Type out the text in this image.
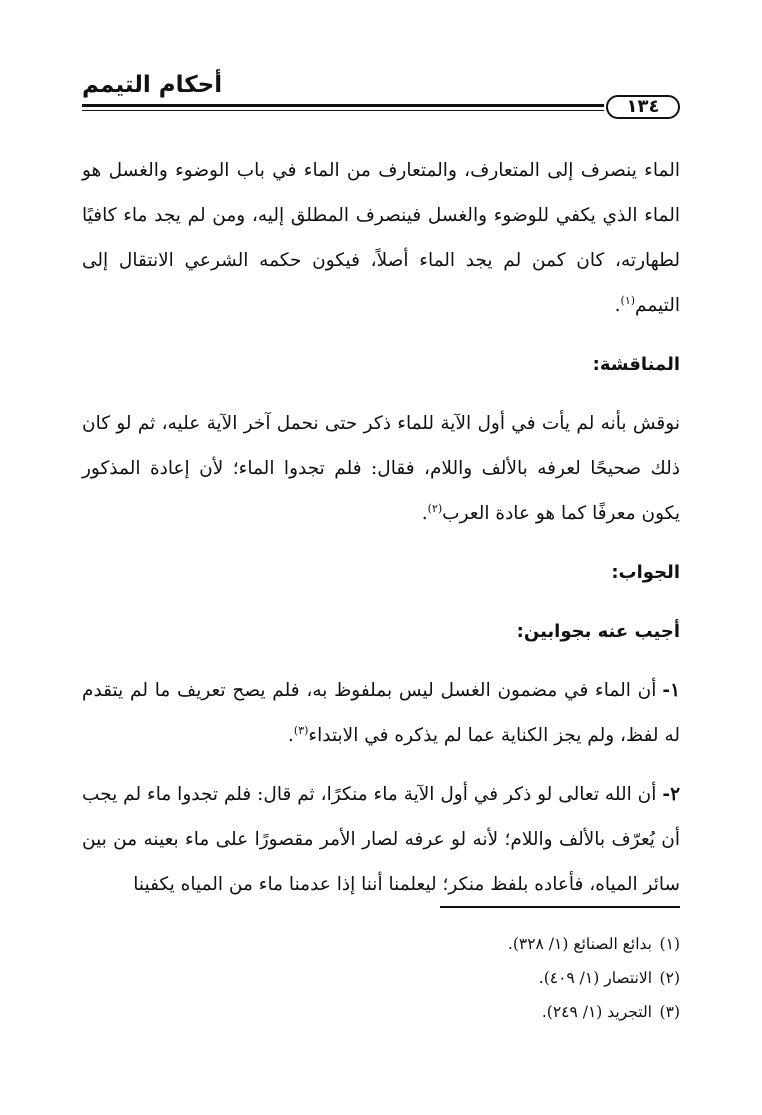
أحكام التيمم
١٣٤

الماء ينصرف إلى المتعارف، والمتعارف من الماء في باب الوضوء والغسل هو الماء الذي يكفي للوضوء والغسل فينصرف المطلق إليه، ومن لم يجد ماء كافيًا لطهارته، كان كمن لم يجد الماء أصلاً، فيكون حكمه الشرعي الانتقال إلى التيمم$^{(١)}$.

المناقشة:

نوقش بأنه لم يأت في أول الآية للماء ذكر حتى نحمل آخر الآية عليه، ثم لو كان ذلك صحيحًا لعرفه بالألف واللام، فقال: فلم تجدوا الماء؛ لأن إعادة المذكور يكون معرفًا كما هو عادة العرب$^{(٢)}$.

الجواب:

أجيب عنه بجوابين:

١-أن الماء في مضمون الغسل ليس بملفوظ به، فلم يصح تعريف ما لم يتقدم له لفظ، ولم يجز الكناية عما لم يذكره في الابتداء$^{(٣)}$.

٢-أن الله تعالى لو ذكر في أول الآية ماء منكرًا، ثم قال: فلم تجدوا ماء لم يجب أن يُعرّف بالألف واللام؛ لأنه لو عرفه لصار الأمر مقصورًا على ماء بعينه من بين سائر المياه، فأعاده بلفظ منكر؛ ليعلمنا أننا إذا عدمنا ماء من المياه يكفينا

(١)بدائع الصنائع (١/ ٣٢٨).
(٢)الانتصار (١/ ٤٠٩).
(٣)التجريد (١/ ٢٤٩).
